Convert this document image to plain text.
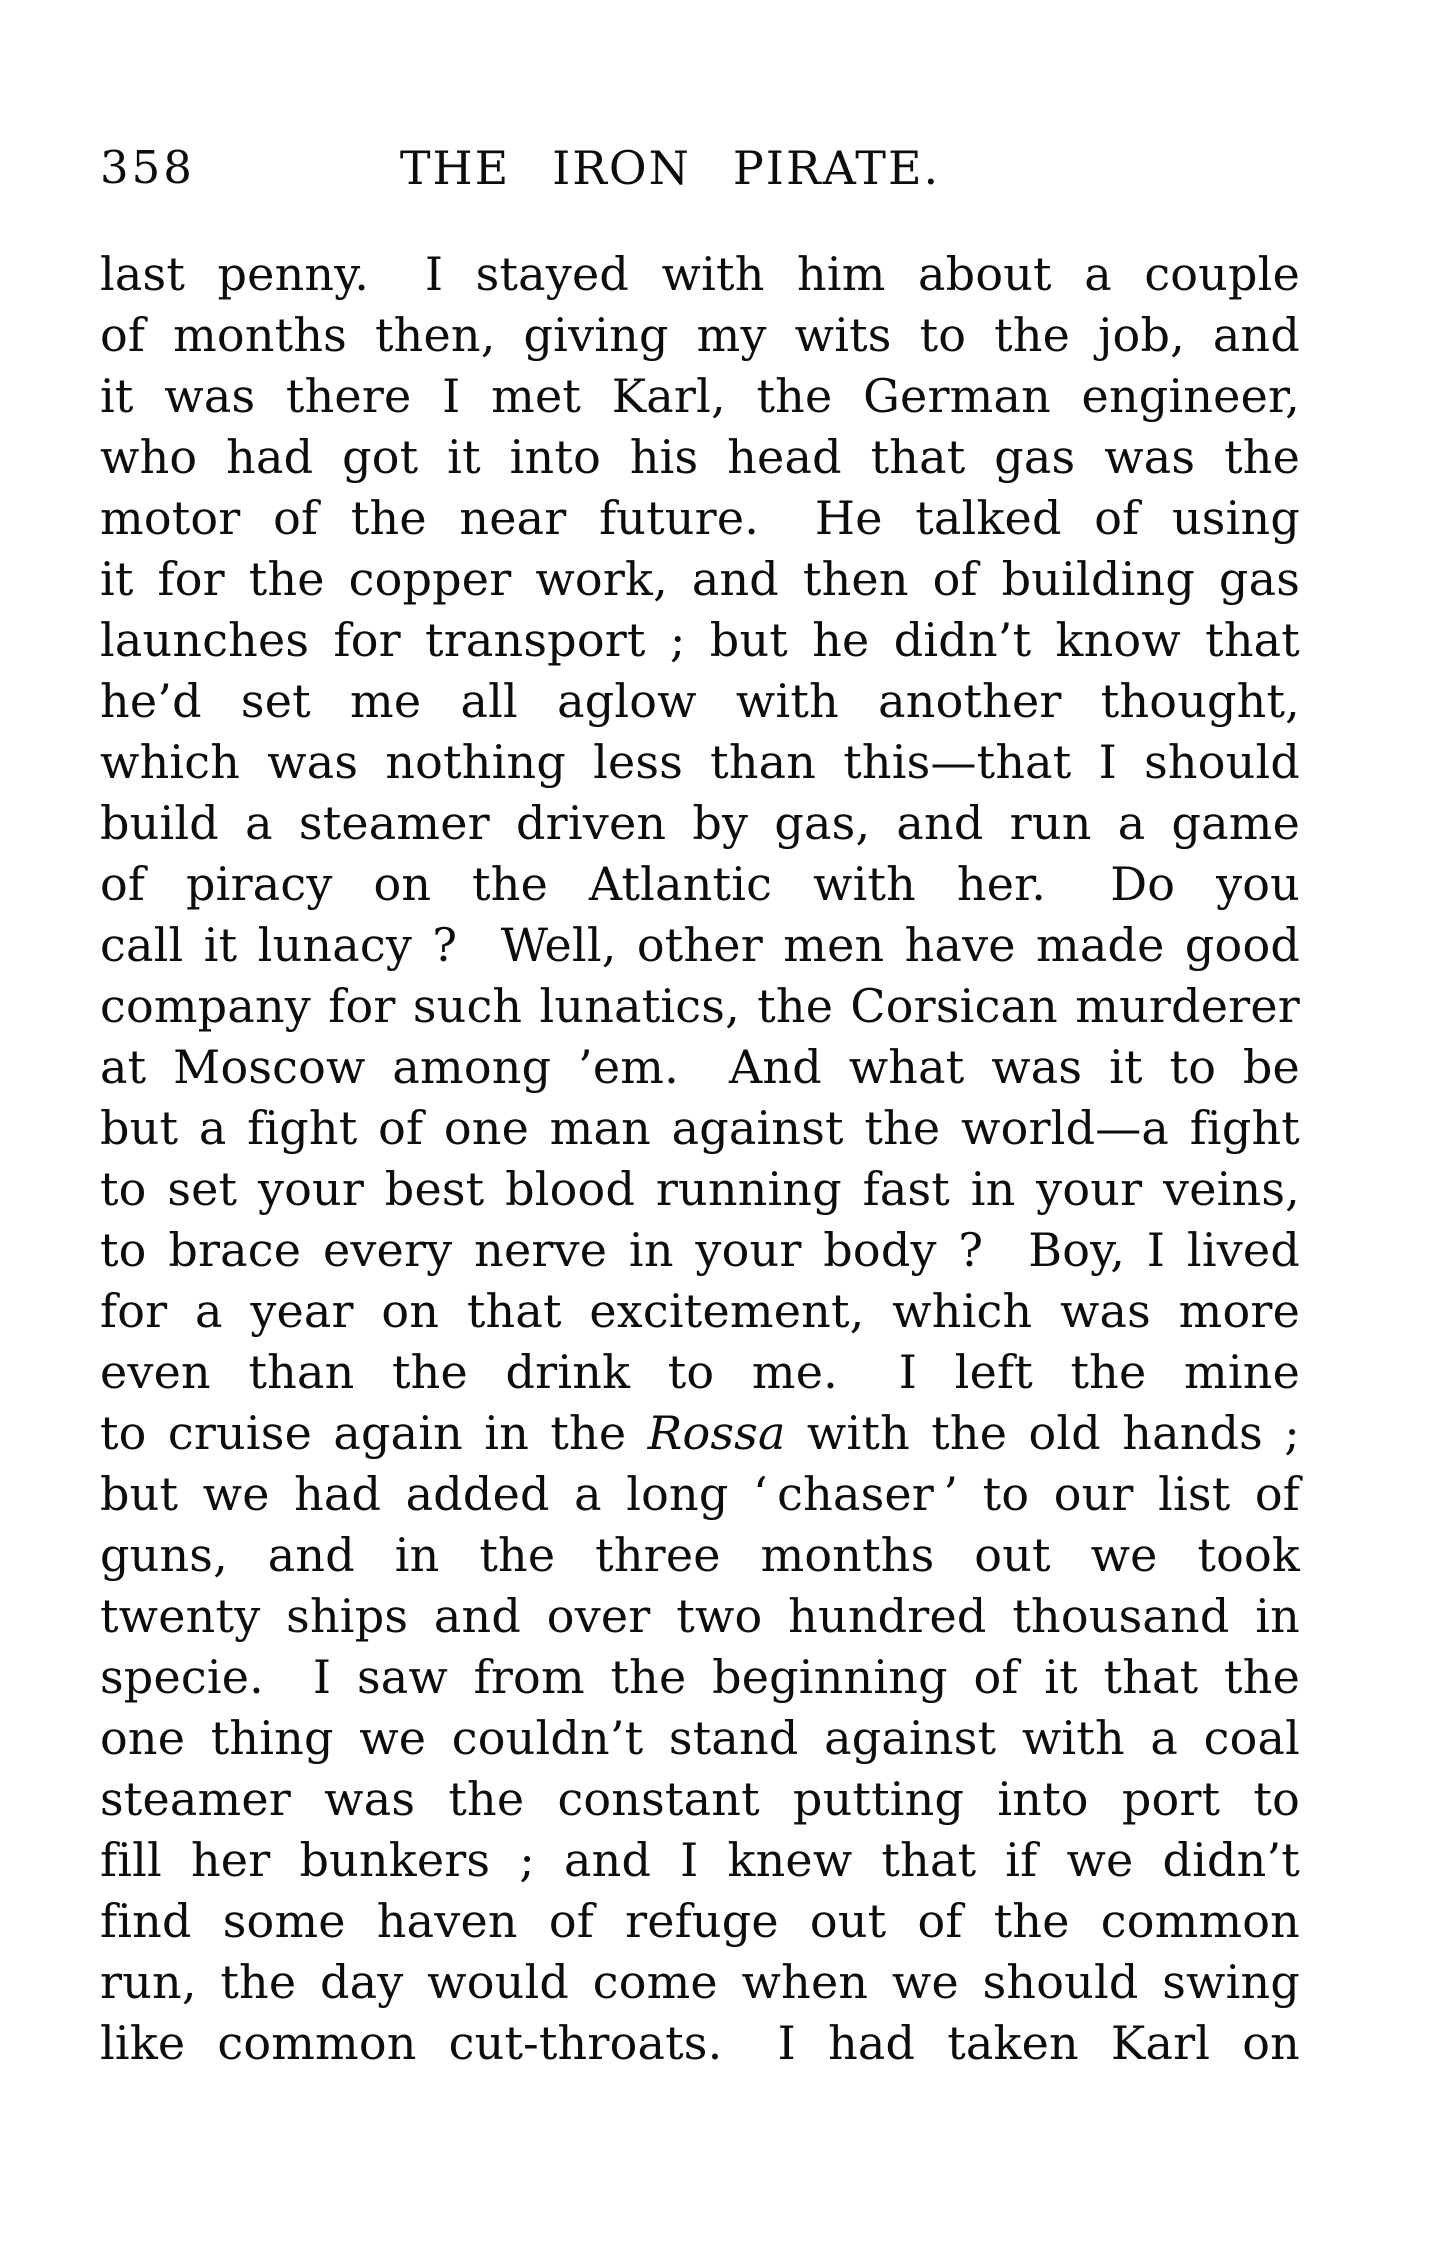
358	THE IRON PIRATE.
last penny.  I stayed with him about a couple
of months then, giving my wits to the job, and
it was there I met Karl, the German engineer,
who had got it into his head that gas was the
motor of the near future.  He talked of using
it for the copper work, and then of building gas
launches for transport ; but he didn’t know that
he’d set me all aglow with another thought,
which was nothing less than this—that I should
build a steamer driven by gas, and run a game
of piracy on the Atlantic with her.  Do you
call it lunacy ?  Well, other men have made good
company for such lunatics, the Corsican murderer
at Moscow among ’em.  And what was it to be
but a fight of one man against the world—a fight
to set your best blood running fast in your veins,
to brace every nerve in your body ?  Boy, I lived
for a year on that excitement, which was more
even than the drink to me.  I left the mine
to cruise again in the Rossa with the old hands ;
but we had added a long ‘ chaser ’ to our list of
guns, and in the three months out we took
twenty ships and over two hundred thousand in
specie.  I saw from the beginning of it that the
one thing we couldn’t stand against with a coal
steamer was the constant putting into port to
fill her bunkers ; and I knew that if we didn’t
find some haven of refuge out of the common
run, the day would come when we should swing
like common cut-throats.  I had taken Karl on
